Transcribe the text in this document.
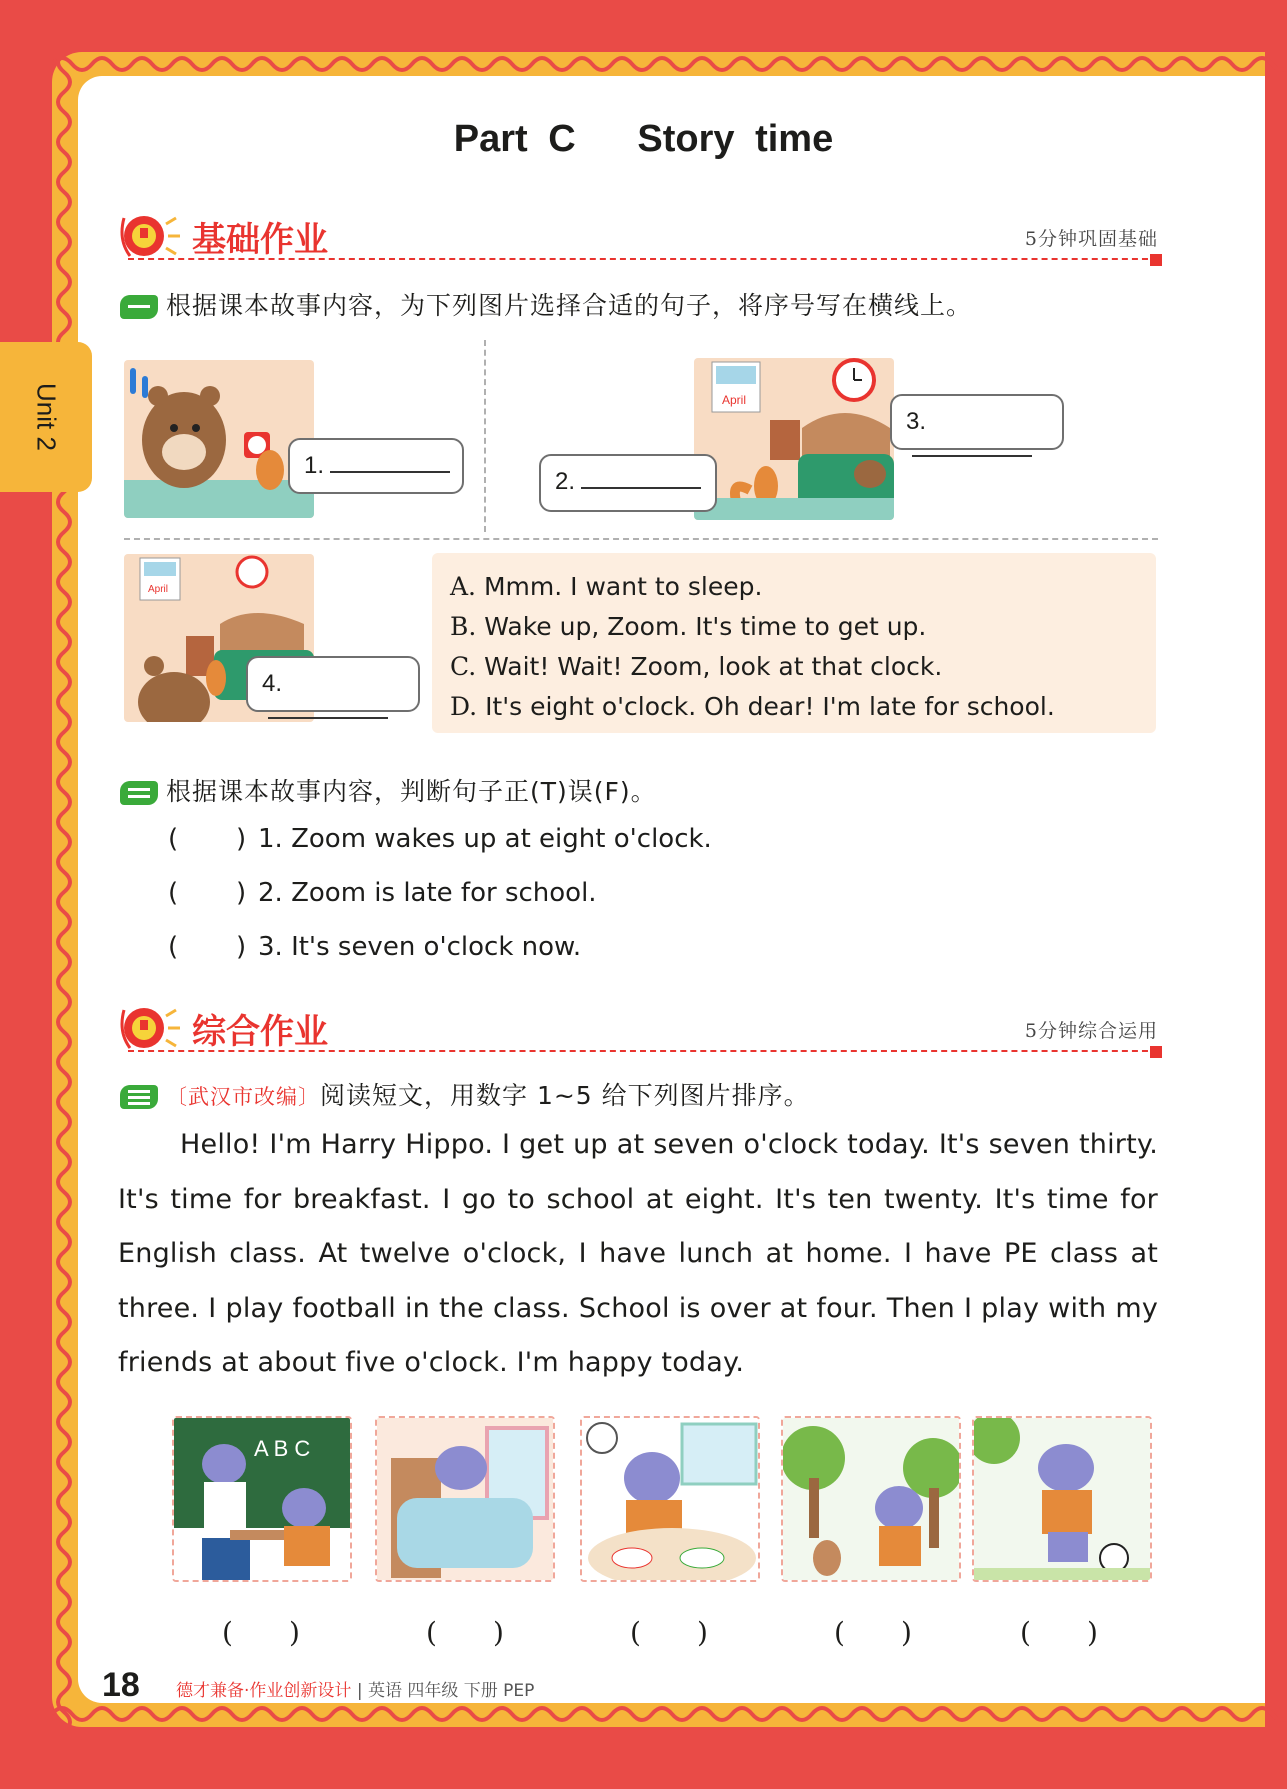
Unit 2
Part C   Story time
基础作业	5分钟巩固基础
根据课本故事内容，为下列图片选择合适的句子，将序号写在横线上。
1.
April
2.
3.
April
4.
A. Mmm. I want to sleep.
B. Wake up, Zoom. It's time to get up.
C. Wait! Wait! Zoom, look at that clock.
D. It's eight o'clock. Oh dear! I'm late for school.
根据课本故事内容，判断句子正(T)误(F)。
(       ) 1. Zoom wakes up at eight o'clock.
(       ) 2. Zoom is late for school.
(       ) 3. It's seven o'clock now.
综合作业	5分钟综合运用
〔武汉市改编〕阅读短文，用数字 1~5 给下列图片排序。
Hello! I'm Harry Hippo. I get up at seven o'clock today. It's seven thirty. It's time for breakfast. I go to school at eight. It's ten twenty. It's time for English class. At twelve o'clock, I have lunch at home. I have PE class at three. I play football in the class. School is over at four. Then I play with my friends at about five o'clock. I'm happy today.
A B C
( )	( )	( )	( )	( )
18 德才兼备·作业创新设计 | 英语 四年级 下册 PEP
